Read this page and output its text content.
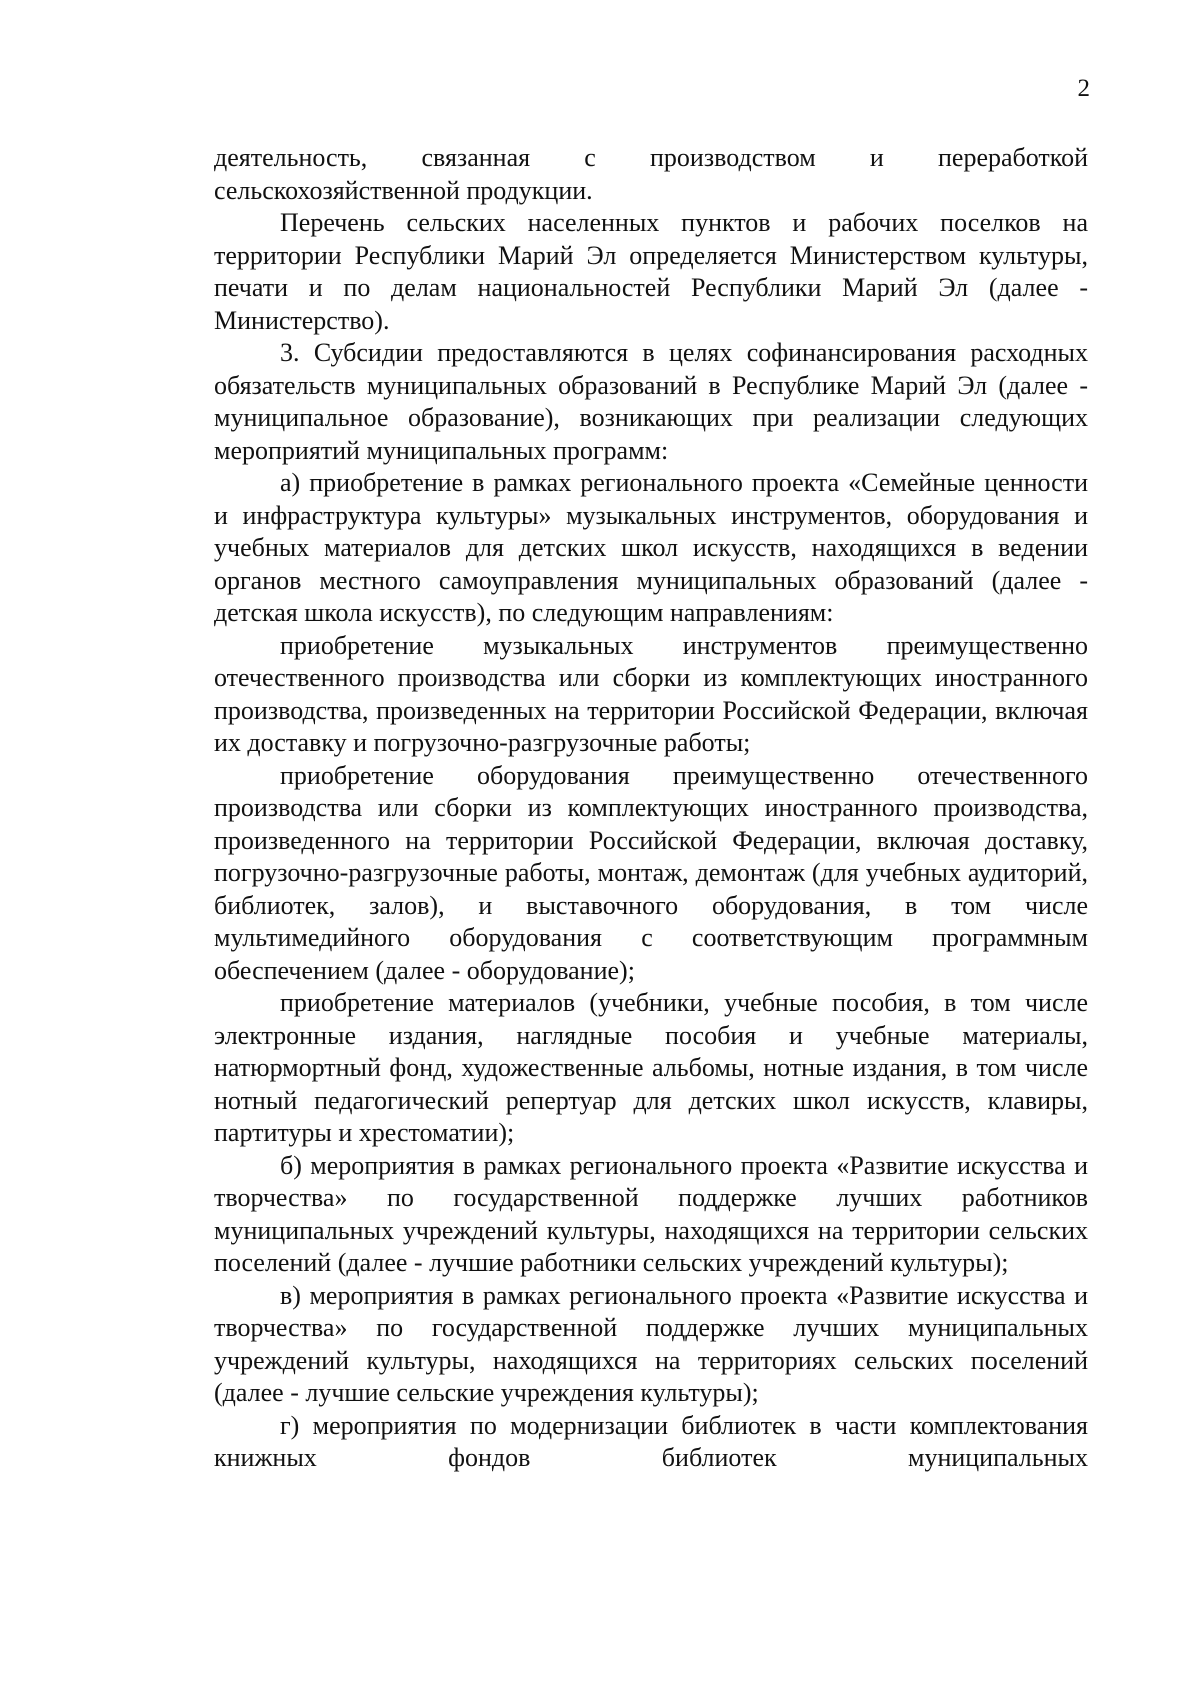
2

деятельность, связанная с производством и переработкой сельскохозяйственной продукции.

Перечень сельских населенных пунктов и рабочих поселков на территории Республики Марий Эл определяется Министерством культуры, печати и по делам национальностей Республики Марий Эл (далее - Министерство).

3. Субсидии предоставляются в целях софинансирования расходных обязательств муниципальных образований в Республике Марий Эл (далее - муниципальное образование), возникающих при реализации следующих мероприятий муниципальных программ:

а) приобретение в рамках регионального проекта «Семейные ценности и инфраструктура культуры» музыкальных инструментов, оборудования и учебных материалов для детских школ искусств, находящихся в ведении органов местного самоуправления муниципальных образований (далее - детская школа искусств), по следующим направлениям:

приобретение музыкальных инструментов преимущественно отечественного производства или сборки из комплектующих иностранного производства, произведенных на территории Российской Федерации, включая их доставку и погрузочно-разгрузочные работы;

приобретение оборудования преимущественно отечественного производства или сборки из комплектующих иностранного производства, произведенного на территории Российской Федерации, включая доставку, погрузочно-разгрузочные работы, монтаж, демонтаж (для учебных аудиторий, библиотек, залов), и выставочного оборудования, в том числе мультимедийного оборудования с соответствующим программным обеспечением (далее - оборудование);

приобретение материалов (учебники, учебные пособия, в том числе электронные издания, наглядные пособия и учебные материалы, натюрмортный фонд, художественные альбомы, нотные издания, в том числе нотный педагогический репертуар для детских школ искусств, клавиры, партитуры и хрестоматии);

б) мероприятия в рамках регионального проекта «Развитие искусства и творчества» по государственной поддержке лучших работников муниципальных учреждений культуры, находящихся на территории сельских поселений (далее - лучшие работники сельских учреждений культуры);

в) мероприятия в рамках регионального проекта «Развитие искусства и творчества» по государственной поддержке лучших муниципальных учреждений культуры, находящихся на территориях сельских поселений (далее - лучшие сельские учреждения культуры);

г) мероприятия по модернизации библиотек в части комплектования книжных фондов библиотек муниципальных
